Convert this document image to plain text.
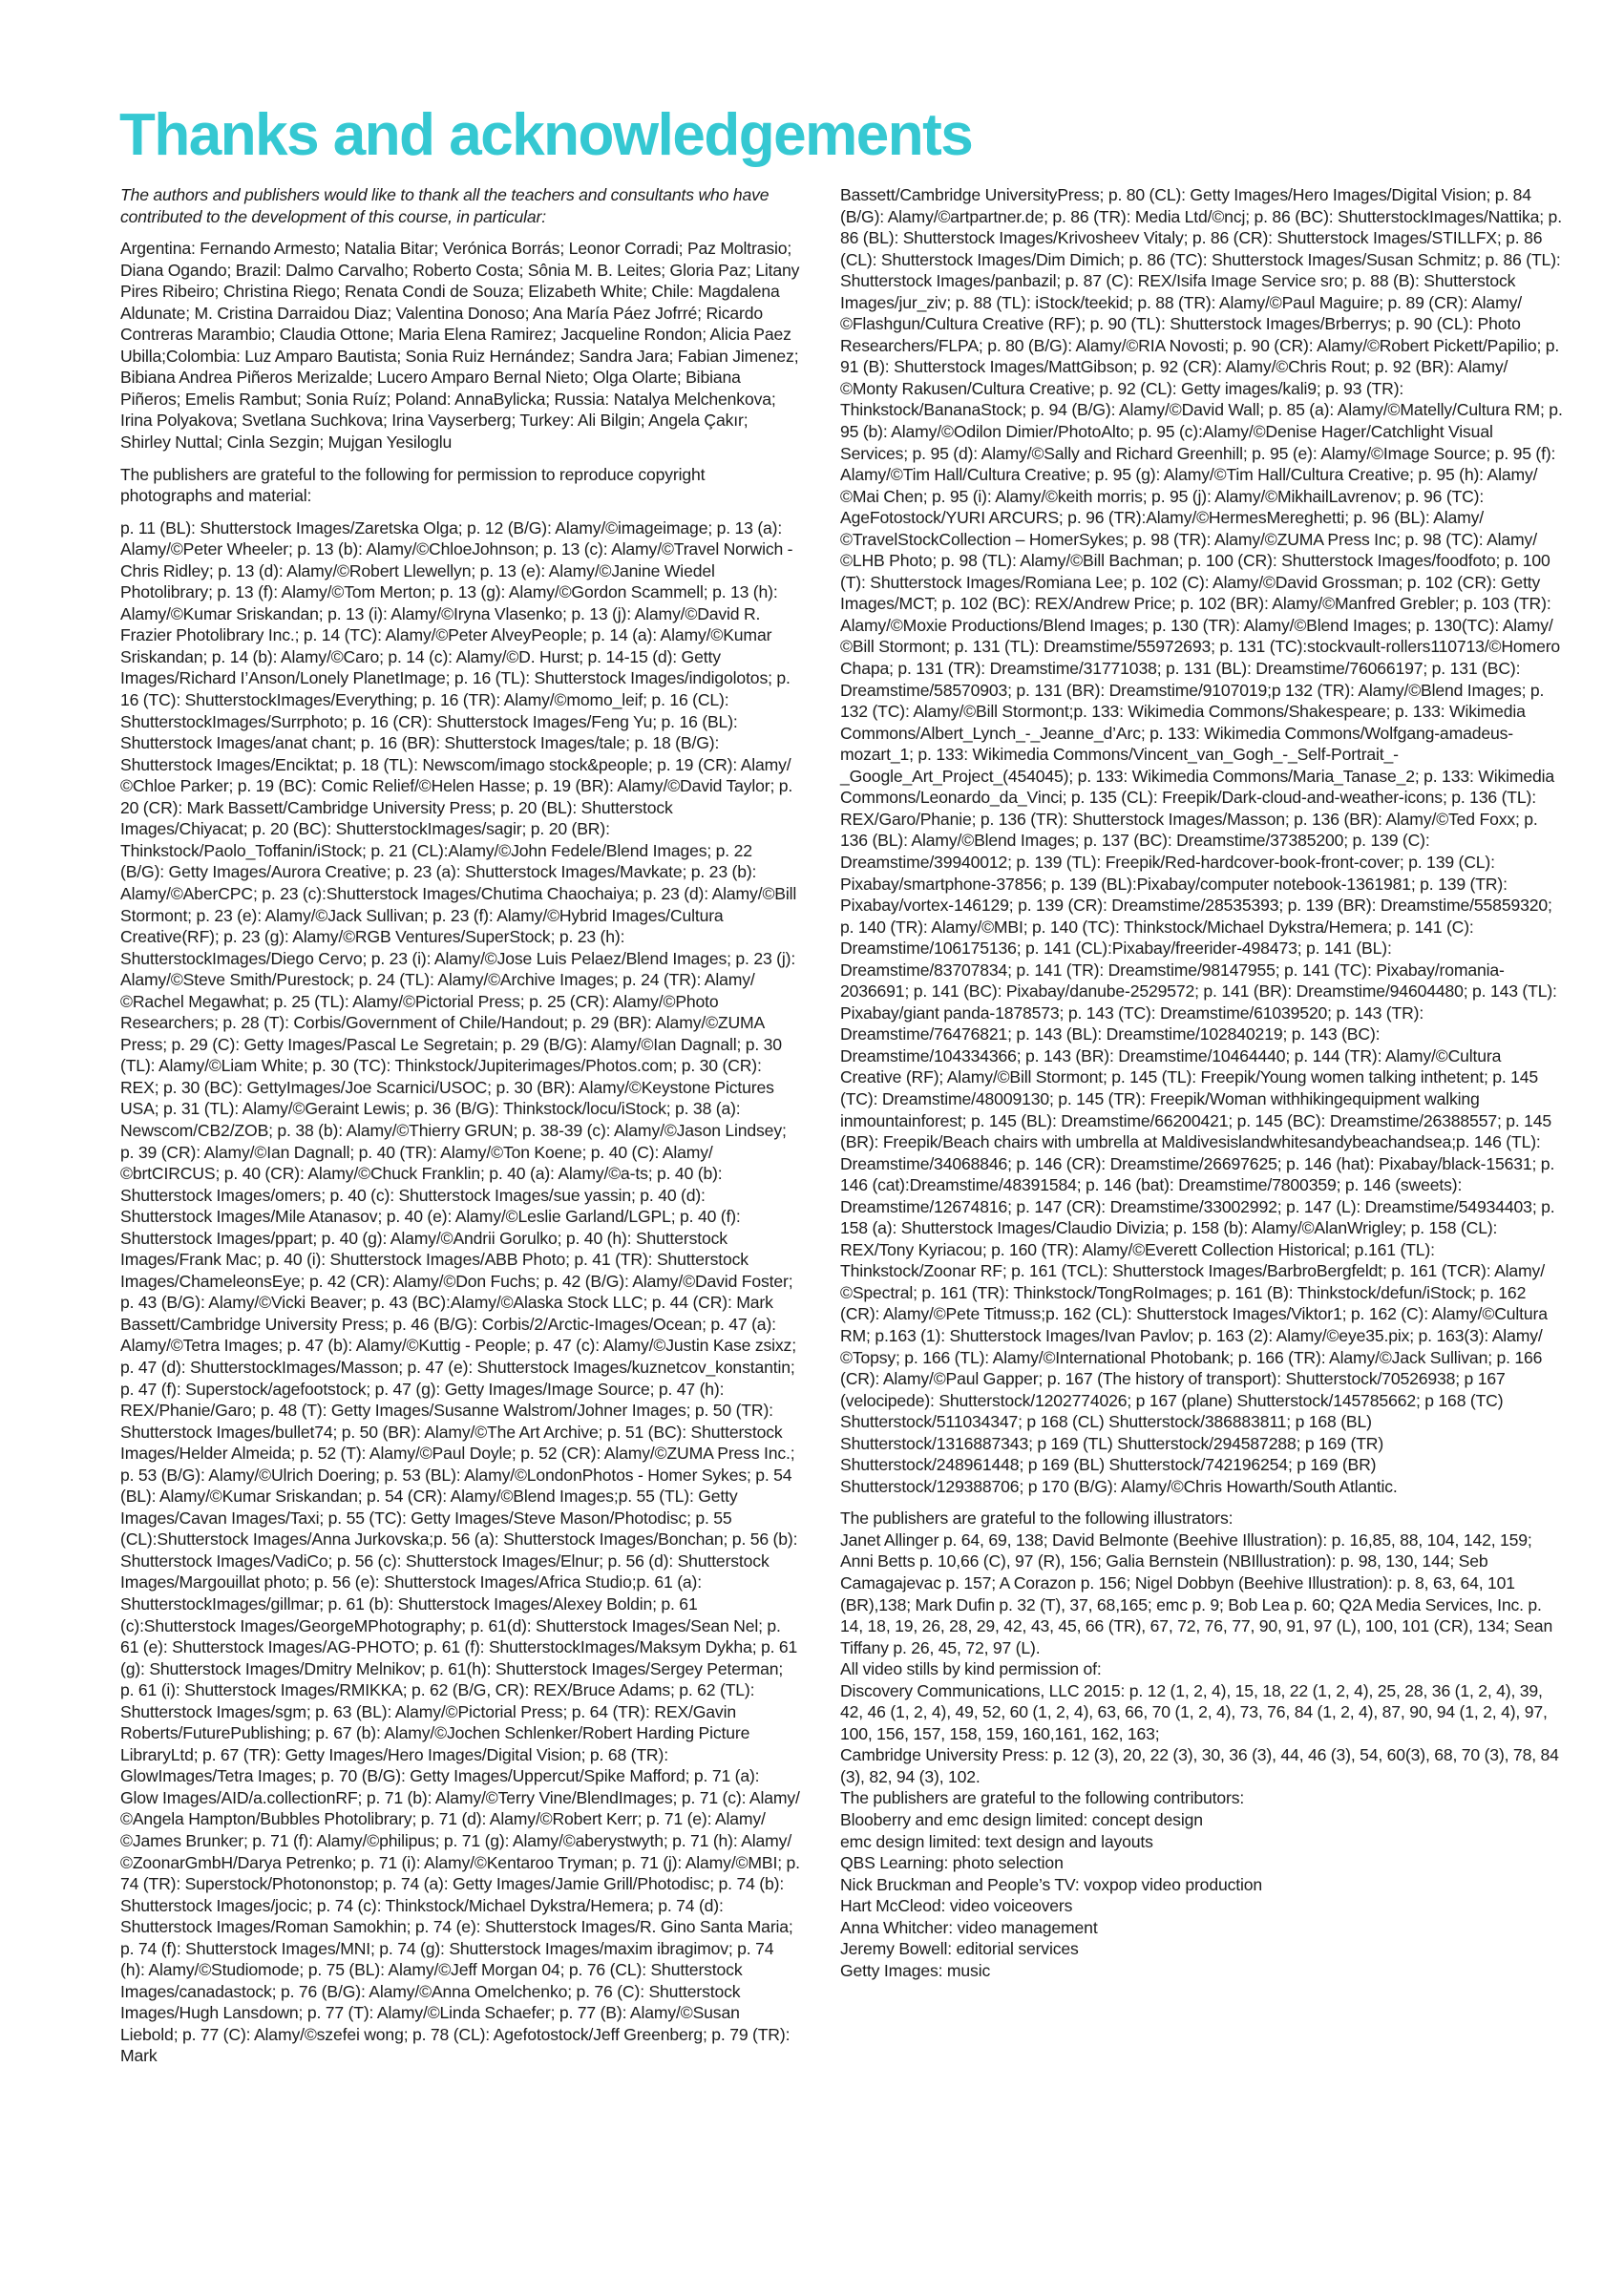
Thanks and acknowledgements

The authors and publishers would like to thank all the teachers and consultants who have contributed to the development of this course, in particular:

Argentina: Fernando Armesto; Natalia Bitar; Verónica Borrás; Leonor Corradi; Paz Moltrasio; Diana Ogando; Brazil: Dalmo Carvalho; Roberto Costa; Sônia M. B. Leites; Gloria Paz; Litany Pires Ribeiro; Christina Riego; Renata Condi de Souza; Elizabeth White; Chile: Magdalena Aldunate; M. Cristina Darraidou Diaz; Valentina Donoso; Ana María Páez Jofrré; Ricardo Contreras Marambio; Claudia Ottone; Maria Elena Ramirez; Jacqueline Rondon; Alicia Paez Ubilla;Colombia: Luz Amparo Bautista; Sonia Ruiz Hernández; Sandra Jara; Fabian Jimenez; Bibiana Andrea Piñeros Merizalde; Lucero Amparo Bernal Nieto; Olga Olarte; Bibiana Piñeros; Emelis Rambut; Sonia Ruíz; Poland: AnnaBylicka; Russia: Natalya Melchenkova; Irina Polyakova; Svetlana Suchkova; Irina Vayserberg; Turkey: Ali Bilgin; Angela Çakır; Shirley Nuttal; Cinla Sezgin; Mujgan Yesiloglu

The publishers are grateful to the following for permission to reproduce copyright photographs and material:

p. 11 (BL): Shutterstock Images/Zaretska Olga; p. 12 (B/G): Alamy/©imageimage; p. 13 (a): Alamy/©Peter Wheeler; p. 13 (b): Alamy/©ChloeJohnson; p. 13 (c): Alamy/©Travel Norwich - Chris Ridley; p. 13 (d): Alamy/©Robert Llewellyn; p. 13 (e): Alamy/©Janine Wiedel Photolibrary; p. 13 (f): Alamy/©Tom Merton; p. 13 (g): Alamy/©Gordon Scammell; p. 13 (h): Alamy/©Kumar Sriskandan; p. 13 (i): Alamy/©Iryna Vlasenko; p. 13 (j): Alamy/©David R. Frazier Photolibrary Inc.; p. 14 (TC): Alamy/©Peter AlveyPeople; p. 14 (a): Alamy/©Kumar Sriskandan; p. 14 (b): Alamy/©Caro; p. 14 (c): Alamy/©D. Hurst; p. 14-15 (d): Getty Images/Richard I’Anson/Lonely PlanetImage; p. 16 (TL): Shutterstock Images/indigolotos; p. 16 (TC): ShutterstockImages/Everything; p. 16 (TR): Alamy/©momo_leif; p. 16 (CL): ShutterstockImages/Surrphoto; p. 16 (CR): Shutterstock Images/Feng Yu; p. 16 (BL): Shutterstock Images/anat chant; p. 16 (BR): Shutterstock Images/tale; p. 18 (B/G): Shutterstock Images/Enciktat; p. 18 (TL): Newscom/imago stock&people; p. 19 (CR): Alamy/©Chloe Parker; p. 19 (BC): Comic Relief/©Helen Hasse; p. 19 (BR): Alamy/©David Taylor; p. 20 (CR): Mark Bassett/Cambridge University Press; p. 20 (BL): Shutterstock Images/Chiyacat; p. 20 (BC): ShutterstockImages/sagir; p. 20 (BR): Thinkstock/Paolo_Toffanin/iStock; p. 21 (CL):Alamy/©John Fedele/Blend Images; p. 22 (B/G): Getty Images/Aurora Creative; p. 23 (a): Shutterstock Images/Mavkate; p. 23 (b): Alamy/©AberCPC; p. 23 (c):Shutterstock Images/Chutima Chaochaiya; p. 23 (d): Alamy/©Bill Stormont; p. 23 (e): Alamy/©Jack Sullivan; p. 23 (f): Alamy/©Hybrid Images/Cultura Creative(RF); p. 23 (g): Alamy/©RGB Ventures/SuperStock; p. 23 (h): ShutterstockImages/Diego Cervo; p. 23 (i): Alamy/©Jose Luis Pelaez/Blend Images; p. 23 (j): Alamy/©Steve Smith/Purestock; p. 24 (TL): Alamy/©Archive Images; p. 24 (TR): Alamy/©Rachel Megawhat; p. 25 (TL): Alamy/©Pictorial Press; p. 25 (CR): Alamy/©Photo Researchers; p. 28 (T): Corbis/Government of Chile/Handout; p. 29 (BR): Alamy/©ZUMA Press; p. 29 (C): Getty Images/Pascal Le Segretain; p. 29 (B/G): Alamy/©Ian Dagnall; p. 30 (TL): Alamy/©Liam White; p. 30 (TC): Thinkstock/Jupiterimages/Photos.com; p. 30 (CR): REX; p. 30 (BC): GettyImages/Joe Scarnici/USOC; p. 30 (BR): Alamy/©Keystone Pictures USA; p. 31 (TL): Alamy/©Geraint Lewis; p. 36 (B/G): Thinkstock/locu/iStock; p. 38 (a): Newscom/CB2/ZOB; p. 38 (b): Alamy/©Thierry GRUN; p. 38-39 (c): Alamy/©Jason Lindsey; p. 39 (CR): Alamy/©Ian Dagnall; p. 40 (TR): Alamy/©Ton Koene; p. 40 (C): Alamy/©brtCIRCUS; p. 40 (CR): Alamy/©Chuck Franklin; p. 40 (a): Alamy/©a-ts; p. 40 (b): Shutterstock Images/omers; p. 40 (c): Shutterstock Images/sue yassin; p. 40 (d): Shutterstock Images/Mile Atanasov; p. 40 (e): Alamy/©Leslie Garland/LGPL; p. 40 (f): Shutterstock Images/ppart; p. 40 (g): Alamy/©Andrii Gorulko; p. 40 (h): Shutterstock Images/Frank Mac; p. 40 (i): Shutterstock Images/ABB Photo; p. 41 (TR): Shutterstock Images/ChameleonsEye; p. 42 (CR): Alamy/©Don Fuchs; p. 42 (B/G): Alamy/©David Foster; p. 43 (B/G): Alamy/©Vicki Beaver; p. 43 (BC):Alamy/©Alaska Stock LLC; p. 44 (CR): Mark Bassett/Cambridge University Press; p. 46 (B/G): Corbis/2/Arctic-Images/Ocean; p. 47 (a): Alamy/©Tetra Images; p. 47 (b): Alamy/©Kuttig - People; p. 47 (c): Alamy/©Justin Kase zsixz; p. 47 (d): ShutterstockImages/Masson; p. 47 (e): Shutterstock Images/kuznetcov_konstantin; p. 47 (f): Superstock/agefootstock; p. 47 (g): Getty Images/Image Source; p. 47 (h): REX/Phanie/Garo; p. 48 (T): Getty Images/Susanne Walstrom/Johner Images; p. 50 (TR): Shutterstock Images/bullet74; p. 50 (BR): Alamy/©The Art Archive; p. 51 (BC): Shutterstock Images/Helder Almeida; p. 52 (T): Alamy/©Paul Doyle; p. 52 (CR): Alamy/©ZUMA Press Inc.; p. 53 (B/G): Alamy/©Ulrich Doering; p. 53 (BL): Alamy/©LondonPhotos - Homer Sykes; p. 54 (BL): Alamy/©Kumar Sriskandan; p. 54 (CR): Alamy/©Blend Images;p. 55 (TL): Getty Images/Cavan Images/Taxi; p. 55 (TC): Getty Images/Steve Mason/Photodisc; p. 55 (CL):Shutterstock Images/Anna Jurkovska;p. 56 (a): Shutterstock Images/Bonchan; p. 56 (b): Shutterstock Images/VadiCo; p. 56 (c): Shutterstock Images/Elnur; p. 56 (d): Shutterstock Images/Margouillat photo; p. 56 (e): Shutterstock Images/Africa Studio;p. 61 (a): ShutterstockImages/gillmar; p. 61 (b): Shutterstock Images/Alexey Boldin; p. 61 (c):Shutterstock Images/GeorgeMPhotography; p. 61(d): Shutterstock Images/Sean Nel; p. 61 (e): Shutterstock Images/AG-PHOTO; p. 61 (f): ShutterstockImages/Maksym Dykha; p. 61 (g): Shutterstock Images/Dmitry Melnikov; p. 61(h): Shutterstock Images/Sergey Peterman; p. 61 (i): Shutterstock Images/RMIKKA; p. 62 (B/G, CR): REX/Bruce Adams; p. 62 (TL): Shutterstock Images/sgm; p. 63 (BL): Alamy/©Pictorial Press; p. 64 (TR): REX/Gavin Roberts/FuturePublishing; p. 67 (b): Alamy/©Jochen Schlenker/Robert Harding Picture LibraryLtd; p. 67 (TR): Getty Images/Hero Images/Digital Vision; p. 68 (TR): GlowImages/Tetra Images; p. 70 (B/G): Getty Images/Uppercut/Spike Mafford; p. 71 (a): Glow Images/AID/a.collectionRF; p. 71 (b): Alamy/©Terry Vine/BlendImages; p. 71 (c): Alamy/©Angela Hampton/Bubbles Photolibrary; p. 71 (d): Alamy/©Robert Kerr; p. 71 (e): Alamy/©James Brunker; p. 71 (f): Alamy/©philipus; p. 71 (g): Alamy/©aberystwyth; p. 71 (h): Alamy/©ZoonarGmbH/Darya Petrenko; p. 71 (i): Alamy/©Kentaroo Tryman; p. 71 (j): Alamy/©MBI; p. 74 (TR): Superstock/Photononstop; p. 74 (a): Getty Images/Jamie Grill/Photodisc; p. 74 (b): Shutterstock Images/jocic; p. 74 (c): Thinkstock/Michael Dykstra/Hemera; p. 74 (d): Shutterstock Images/Roman Samokhin; p. 74 (e): Shutterstock Images/R. Gino Santa Maria; p. 74 (f): Shutterstock Images/MNI; p. 74 (g): Shutterstock Images/maxim ibragimov; p. 74 (h): Alamy/©Studiomode; p. 75 (BL): Alamy/©Jeff Morgan 04; p. 76 (CL): Shutterstock Images/canadastock; p. 76 (B/G): Alamy/©Anna Omelchenko; p. 76 (C): Shutterstock Images/Hugh Lansdown; p. 77 (T): Alamy/©Linda Schaefer; p. 77 (B): Alamy/©Susan Liebold; p. 77 (C): Alamy/©szefei wong; p. 78 (CL): Agefotostock/Jeff Greenberg; p. 79 (TR): Mark

Bassett/Cambridge UniversityPress; p. 80 (CL): Getty Images/Hero Images/Digital Vision; p. 84 (B/G): Alamy/©artpartner.de; p. 86 (TR): Media Ltd/©ncj; p. 86 (BC): ShutterstockImages/Nattika; p. 86 (BL): Shutterstock Images/Krivosheev Vitaly; p. 86 (CR): Shutterstock Images/STILLFX; p. 86 (CL): Shutterstock Images/Dim Dimich; p. 86 (TC): Shutterstock Images/Susan Schmitz; p. 86 (TL): Shutterstock Images/panbazil; p. 87 (C): REX/Isifa Image Service sro; p. 88 (B): Shutterstock Images/jur_ziv; p. 88 (TL): iStock/teekid; p. 88 (TR): Alamy/©Paul Maguire; p. 89 (CR): Alamy/©Flashgun/Cultura Creative (RF); p. 90 (TL): Shutterstock Images/Brberrys; p. 90 (CL): Photo Researchers/FLPA; p. 80 (B/G): Alamy/©RIA Novosti; p. 90 (CR): Alamy/©Robert Pickett/Papilio; p. 91 (B): Shutterstock Images/MattGibson; p. 92 (CR): Alamy/©Chris Rout; p. 92 (BR): Alamy/©Monty Rakusen/Cultura Creative; p. 92 (CL): Getty images/kali9; p. 93 (TR): Thinkstock/BananaStock; p. 94 (B/G): Alamy/©David Wall; p. 85 (a): Alamy/©Matelly/Cultura RM; p. 95 (b): Alamy/©Odilon Dimier/PhotoAlto; p. 95 (c):Alamy/©Denise Hager/Catchlight Visual Services; p. 95 (d): Alamy/©Sally and Richard Greenhill; p. 95 (e): Alamy/©Image Source; p. 95 (f): Alamy/©Tim Hall/Cultura Creative; p. 95 (g): Alamy/©Tim Hall/Cultura Creative; p. 95 (h): Alamy/©Mai Chen; p. 95 (i): Alamy/©keith morris; p. 95 (j): Alamy/©MikhailLavrenov; p. 96 (TC): AgeFotostock/YURI ARCURS; p. 96 (TR):Alamy/©HermesMereghetti; p. 96 (BL): Alamy/©TravelStockCollection – HomerSykes; p. 98 (TR): Alamy/©ZUMA Press Inc; p. 98 (TC): Alamy/©LHB Photo; p. 98 (TL): Alamy/©Bill Bachman; p. 100 (CR): Shutterstock Images/foodfoto; p. 100 (T): Shutterstock Images/Romiana Lee; p. 102 (C): Alamy/©David Grossman; p. 102 (CR): Getty Images/MCT; p. 102 (BC): REX/Andrew Price; p. 102 (BR): Alamy/©Manfred Grebler; p. 103 (TR): Alamy/©Moxie Productions/Blend Images; p. 130 (TR): Alamy/©Blend Images; p. 130(TC): Alamy/©Bill Stormont; p. 131 (TL): Dreamstime/55972693; p. 131 (TC):stockvault-rollers110713/©Homero Chapa; p. 131 (TR): Dreamstime/31771038; p. 131 (BL): Dreamstime/76066197; p. 131 (BC): Dreamstime/58570903; p. 131 (BR): Dreamstime/9107019;p 132 (TR): Alamy/©Blend Images; p. 132 (TC): Alamy/©Bill Stormont;p. 133: Wikimedia Commons/Shakespeare; p. 133: Wikimedia Commons/Albert_Lynch_-_Jeanne_d’Arc; p. 133: Wikimedia Commons/Wolfgang-amadeus-mozart_1; p. 133: Wikimedia Commons/Vincent_van_Gogh_-_Self-Portrait_-_Google_Art_Project_(454045); p. 133: Wikimedia Commons/Maria_Tanase_2; p. 133: Wikimedia Commons/Leonardo_da_Vinci; p. 135 (CL): Freepik/Dark-cloud-and-weather-icons; p. 136 (TL): REX/Garo/Phanie; p. 136 (TR): Shutterstock Images/Masson; p. 136 (BR): Alamy/©Ted Foxx; p. 136 (BL): Alamy/©Blend Images; p. 137 (BC): Dreamstime/37385200; p. 139 (C): Dreamstime/39940012; p. 139 (TL): Freepik/Red-hardcover-book-front-cover; p. 139 (CL): Pixabay/smartphone-37856; p. 139 (BL):Pixabay/computer notebook-1361981; p. 139 (TR): Pixabay/vortex-146129; p. 139 (CR): Dreamstime/28535393; p. 139 (BR): Dreamstime/55859320; p. 140 (TR): Alamy/©MBI; p. 140 (TC): Thinkstock/Michael Dykstra/Hemera; p. 141 (C): Dreamstime/106175136; p. 141 (CL):Pixabay/freerider-498473; p. 141 (BL): Dreamstime/83707834; p. 141 (TR): Dreamstime/98147955; p. 141 (TC): Pixabay/romania-2036691; p. 141 (BC): Pixabay/danube-2529572; p. 141 (BR): Dreamstime/94604480; p. 143 (TL): Pixabay/giant panda-1878573; p. 143 (TC): Dreamstime/61039520; p. 143 (TR): Dreamstime/76476821; p. 143 (BL): Dreamstime/102840219; p. 143 (BC): Dreamstime/104334366; p. 143 (BR): Dreamstime/10464440; p. 144 (TR): Alamy/©Cultura Creative (RF); Alamy/©Bill Stormont; p. 145 (TL): Freepik/Young women talking inthetent; p. 145 (TC): Dreamstime/48009130; p. 145 (TR): Freepik/Woman withhikingequipment walking inmountainforest; p. 145 (BL): Dreamstime/66200421; p. 145 (BC): Dreamstime/26388557; p. 145 (BR): Freepik/Beach chairs with umbrella at Maldivesislandwhitesandybeachandsea;p. 146 (TL): Dreamstime/34068846; p. 146 (CR): Dreamstime/26697625; p. 146 (hat): Pixabay/black-15631; p. 146 (cat):Dreamstime/48391584; p. 146 (bat): Dreamstime/7800359; p. 146 (sweets): Dreamstime/12674816; p. 147 (CR): Dreamstime/33002992; p. 147 (L): Dreamstime/54934403; p. 158 (a): Shutterstock Images/Claudio Divizia; p. 158 (b): Alamy/©AlanWrigley; p. 158 (CL): REX/Tony Kyriacou; p. 160 (TR): Alamy/©Everett Collection Historical; p.161 (TL): Thinkstock/Zoonar RF; p. 161 (TCL): Shutterstock Images/BarbroBergfeldt; p. 161 (TCR): Alamy/©Spectral; p. 161 (TR): Thinkstock/TongRoImages; p. 161 (B): Thinkstock/defun/iStock; p. 162 (CR): Alamy/©Pete Titmuss;p. 162 (CL): Shutterstock Images/Viktor1; p. 162 (C): Alamy/©Cultura RM; p.163 (1): Shutterstock Images/Ivan Pavlov; p. 163 (2): Alamy/©eye35.pix; p. 163(3): Alamy/©Topsy; p. 166 (TL): Alamy/©International Photobank; p. 166 (TR): Alamy/©Jack Sullivan; p. 166 (CR): Alamy/©Paul Gapper; p. 167 (The history of transport): Shutterstock/70526938; p 167 (velocipede): Shutterstock/1202774026; p 167 (plane) Shutterstock/145785662; p 168 (TC) Shutterstock/511034347; p 168 (CL) Shutterstock/386883811; p 168 (BL) Shutterstock/1316887343; p 169 (TL) Shutterstock/294587288; p 169 (TR) Shutterstock/248961448; p 169 (BL) Shutterstock/742196254; p 169 (BR) Shutterstock/129388706; p 170 (B/G): Alamy/©Chris Howarth/South Atlantic.

The publishers are grateful to the following illustrators:

Janet Allinger p. 64, 69, 138; David Belmonte (Beehive Illustration): p. 16,85, 88, 104, 142, 159; Anni Betts p. 10,66 (C), 97 (R), 156; Galia Bernstein (NBIllustration): p. 98, 130, 144; Seb Camagajevac p. 157; A Corazon p. 156; Nigel Dobbyn (Beehive Illustration): p. 8, 63, 64, 101 (BR),138; Mark Dufin p. 32 (T), 37, 68,165; emc p. 9; Bob Lea p. 60; Q2A Media Services, Inc. p. 14, 18, 19, 26, 28, 29, 42, 43, 45, 66 (TR), 67, 72, 76, 77, 90, 91, 97 (L), 100, 101 (CR), 134; Sean Tiffany p. 26, 45, 72, 97 (L).

All video stills by kind permission of:

Discovery Communications, LLC 2015: p. 12 (1, 2, 4), 15, 18, 22 (1, 2, 4), 25, 28, 36 (1, 2, 4), 39, 42, 46 (1, 2, 4), 49, 52, 60 (1, 2, 4), 63, 66, 70 (1, 2, 4), 73, 76, 84 (1, 2, 4), 87, 90, 94 (1, 2, 4), 97, 100, 156, 157, 158, 159, 160,161, 162, 163;

Cambridge University Press: p. 12 (3), 20, 22 (3), 30, 36 (3), 44, 46 (3), 54, 60(3), 68, 70 (3), 78, 84 (3), 82, 94 (3), 102.

The publishers are grateful to the following contributors:

Blooberry and emc design limited: concept design

emc design limited: text design and layouts

QBS Learning: photo selection

Nick Bruckman and People’s TV: voxpop video production

Hart McCleod: video voiceovers

Anna Whitcher: video management

Jeremy Bowell: editorial services

Getty Images: music
